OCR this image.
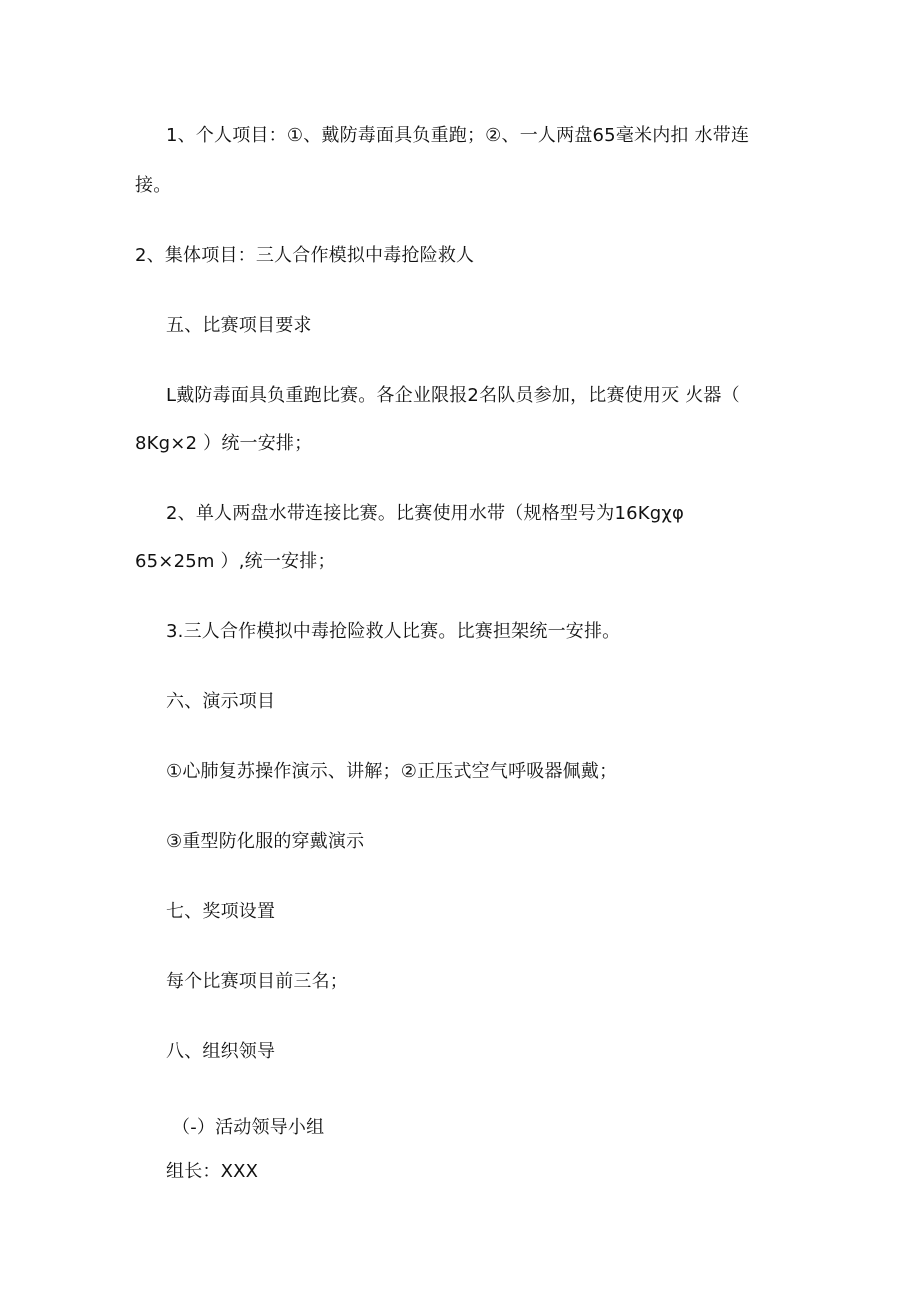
1、个人项目：①、戴防毒面具负重跑；②、一人两盘65毫米内扣 水带连
接。
2、集体项目：三人合作模拟中毒抢险救人
五、比赛项目要求
L戴防毒面具负重跑比赛。各企业限报2名队员参加，比赛使用灭 火器（
8Kg×2 ）统一安排；
2、单人两盘水带连接比赛。比赛使用水带（规格型号为16Kgχφ
65×25m ）,统一安排；
3.三人合作模拟中毒抢险救人比赛。比赛担架统一安排。
六、演示项目
①心肺复苏操作演示、讲解；②正压式空气呼吸器佩戴；
③重型防化服的穿戴演示
七、奖项设置
每个比赛项目前三名；
八、组织领导
（-）活动领导小组
组长：XXX
